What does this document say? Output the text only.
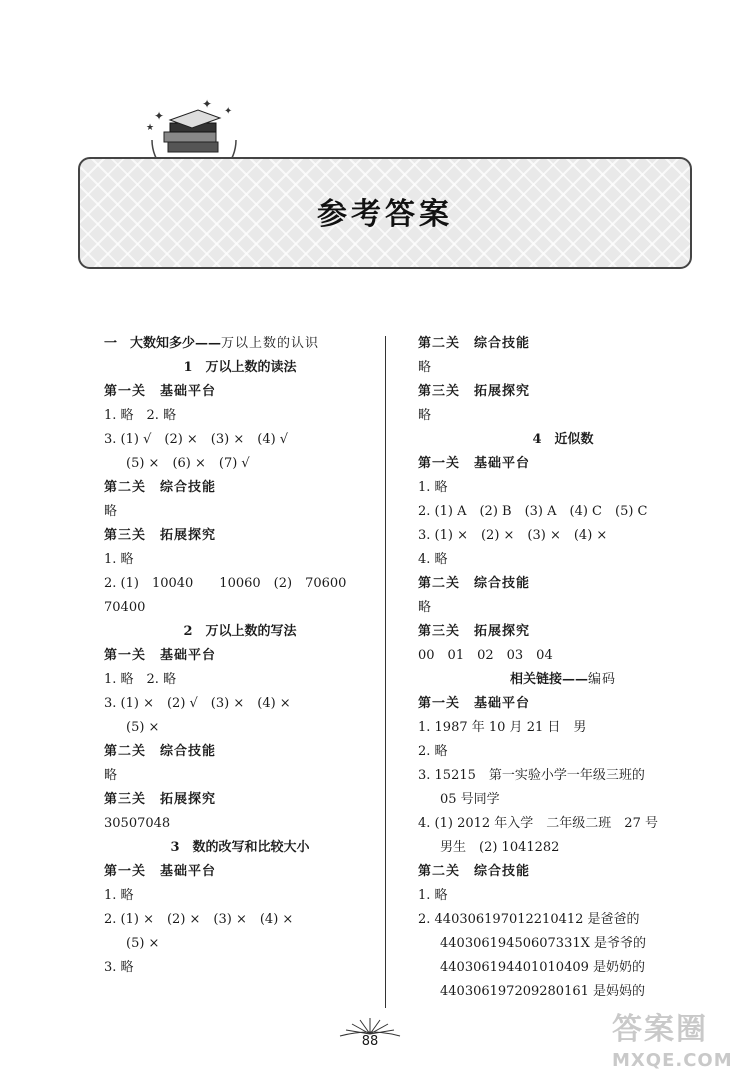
✦
✦
✦
★
参考答案
一　大数知多少——万以上数的认识
1　万以上数的读法
第一关 基础平台
1. 略　2. 略
3. (1) √　(2) ×　(3) ×　(4) √
(5) ×　(6) ×　(7) √
第二关 综合技能
略
第三关 拓展探究
1. 略
2. (1)　10040　　10060　(2)　70600
70400
2　万以上数的写法
第一关 基础平台
1. 略　2. 略
3. (1) ×　(2) √　(3) ×　(4) ×
(5) ×
第二关 综合技能
略
第三关 拓展探究
30507048
3　数的改写和比较大小
第一关 基础平台
1. 略
2. (1) ×　(2) ×　(3) ×　(4) ×
(5) ×
3. 略
第二关 综合技能
略
第三关 拓展探究
略
4　近似数
第一关 基础平台
1. 略
2. (1) A　(2) B　(3) A　(4) C　(5) C
3. (1) ×　(2) ×　(3) ×　(4) ×
4. 略
第二关 综合技能
略
第三关 拓展探究
00　01　02　03　04
相关链接——编码
第一关 基础平台
1. 1987 年 10 月 21 日　男
2. 略
3. 15215　第一实验小学一年级三班的
05 号同学
4. (1) 2012 年入学　二年级二班　27 号
男生　(2) 1041282
第二关 综合技能
1. 略
2. 440306197012210412 是爸爸的
44030619450607331X 是爷爷的
440306194401010409 是奶奶的
440306197209280161 是妈妈的
88	答案圈
MXQE.COM
